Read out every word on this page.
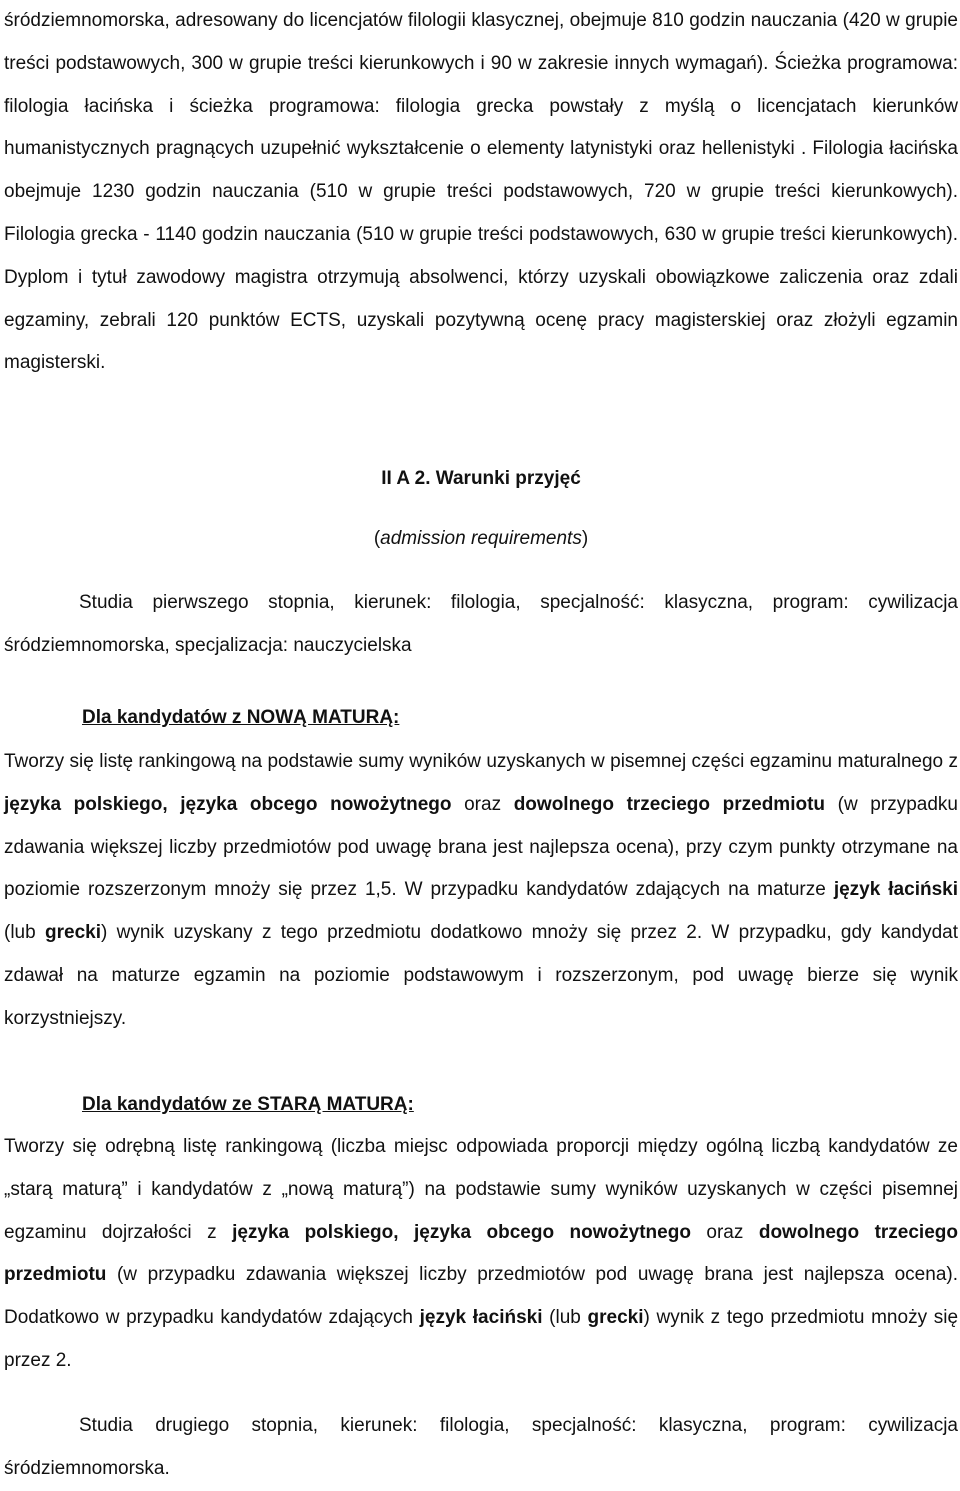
śródziemnomorska, adresowany do licencjatów filologii klasycznej, obejmuje 810 godzin nauczania (420 w grupie treści podstawowych, 300 w grupie treści kierunkowych i 90 w zakresie innych wymagań). Ścieżka programowa: filologia łacińska i ścieżka programowa: filologia grecka powstały z myślą o licencjatach kierunków humanistycznych pragnących uzupełnić wykształcenie o elementy latynistyki oraz hellenistyki . Filologia łacińska obejmuje 1230 godzin nauczania (510 w grupie treści podstawowych, 720 w grupie treści kierunkowych). Filologia grecka - 1140 godzin nauczania (510 w grupie treści podstawowych, 630 w grupie treści kierunkowych). Dyplom i tytuł zawodowy magistra otrzymują absolwenci, którzy uzyskali obowiązkowe zaliczenia oraz zdali egzaminy, zebrali 120 punktów ECTS, uzyskali pozytywną ocenę pracy magisterskiej oraz złożyli egzamin magisterski.

II A 2. Warunki przyjęć

(admission requirements)

Studia pierwszego stopnia, kierunek: filologia, specjalność: klasyczna, program: cywilizacja śródziemnomorska, specjalizacja: nauczycielska

Dla kandydatów z NOWĄ MATURĄ:

Tworzy się listę rankingową na podstawie sumy wyników uzyskanych w pisemnej części egzaminu maturalnego z języka polskiego, języka obcego nowożytnego oraz dowolnego trzeciego przedmiotu (w przypadku zdawania większej liczby przedmiotów pod uwagę brana jest najlepsza ocena), przy czym punkty otrzymane na poziomie rozszerzonym mnoży się przez 1,5. W przypadku kandydatów zdających na maturze język łaciński (lub grecki) wynik uzyskany z tego przedmiotu dodatkowo mnoży się przez 2. W przypadku, gdy kandydat zdawał na maturze egzamin na poziomie podstawowym i rozszerzonym, pod uwagę bierze się wynik korzystniejszy.

Dla kandydatów ze STARĄ MATURĄ:

Tworzy się odrębną listę rankingową (liczba miejsc odpowiada proporcji między ogólną liczbą kandydatów ze „starą maturą” i kandydatów z „nową maturą”) na podstawie sumy wyników uzyskanych w części pisemnej egzaminu dojrzałości z języka polskiego, języka obcego nowożytnego oraz dowolnego trzeciego przedmiotu (w przypadku zdawania większej liczby przedmiotów pod uwagę brana jest najlepsza ocena). Dodatkowo w przypadku kandydatów zdających język łaciński (lub grecki) wynik z tego przedmiotu mnoży się przez 2.

Studia drugiego stopnia, kierunek: filologia, specjalność: klasyczna, program: cywilizacja śródziemnomorska.
